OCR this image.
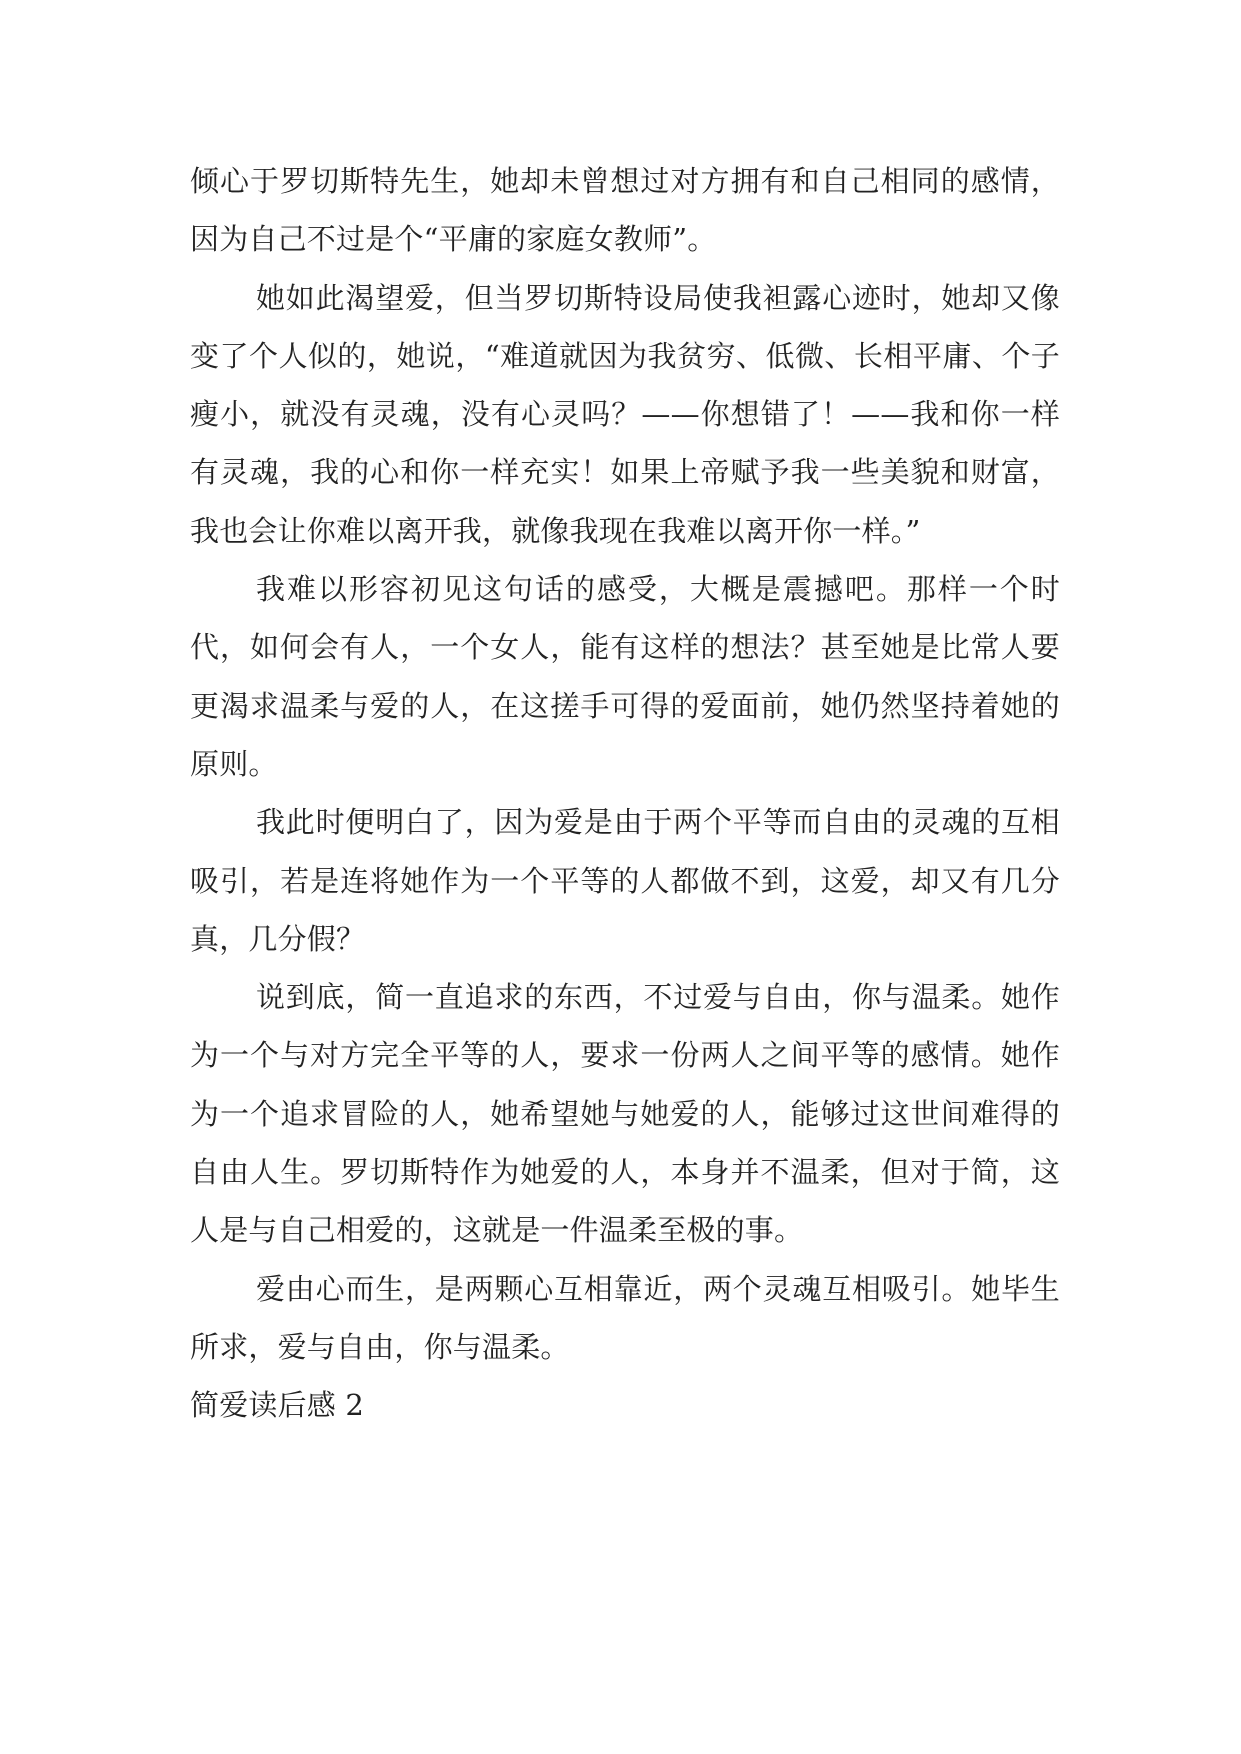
倾心于罗切斯特先生，她却未曾想过对方拥有和自己相同的感情，因为自己不过是个“平庸的家庭女教师”。

她如此渴望爱，但当罗切斯特设局使我袒露心迹时，她却又像变了个人似的，她说，“难道就因为我贫穷、低微、长相平庸、个子瘦小，就没有灵魂，没有心灵吗？——你想错了！——我和你一样有灵魂，我的心和你一样充实！如果上帝赋予我一些美貌和财富，我也会让你难以离开我，就像我现在我难以离开你一样。”

我难以形容初见这句话的感受，大概是震撼吧。那样一个时代，如何会有人，一个女人，能有这样的想法？甚至她是比常人要更渴求温柔与爱的人，在这搓手可得的爱面前，她仍然坚持着她的原则。

我此时便明白了，因为爱是由于两个平等而自由的灵魂的互相吸引，若是连将她作为一个平等的人都做不到，这爱，却又有几分真，几分假？

说到底，简一直追求的东西，不过爱与自由，你与温柔。她作为一个与对方完全平等的人，要求一份两人之间平等的感情。她作为一个追求冒险的人，她希望她与她爱的人，能够过这世间难得的自由人生。罗切斯特作为她爱的人，本身并不温柔，但对于简，这人是与自己相爱的，这就是一件温柔至极的事。

爱由心而生，是两颗心互相靠近，两个灵魂互相吸引。她毕生所求，爱与自由，你与温柔。

简爱读后感 2
